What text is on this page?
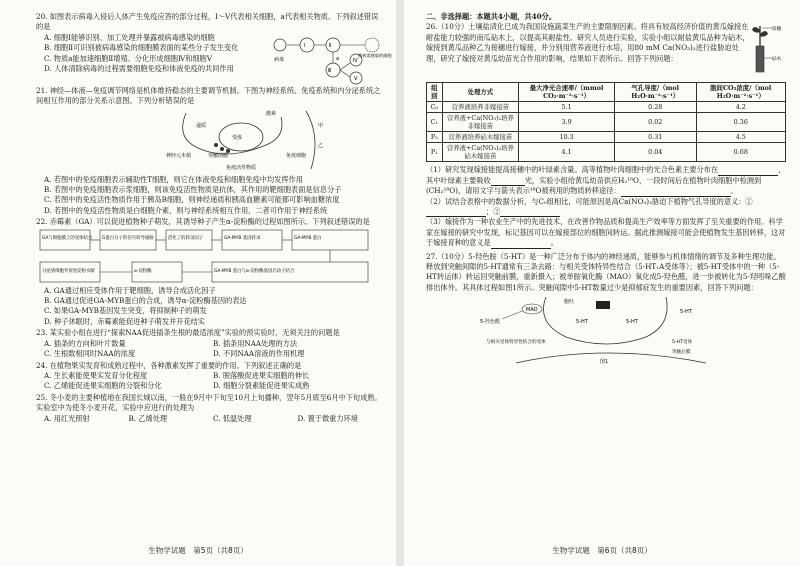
20. 如图表示病毒入侵后人体产生免疫应答的部分过程，Ⅰ～Ⅴ代表相关细胞，a代表相关物质。下列叙述错误的是
A. 细胞Ⅰ能够识别、加工处理并暴露被病毒感染的细胞
B. 细胞Ⅱ可识别被病毒感染的细胞膜表面的某些分子发生变化
C. 物质a能加速细胞Ⅱ增殖、分化形成细胞Ⅳ和细胞Ⅴ
D. 人体清除病毒的过程需要细胞免疫和体液免疫的共同作用
病毒
Ⅰ	Ⅱ
a
Ⅲ
Ⅳ
Ⅴ
被病毒感染的细胞
21. 神经—体液—免疫调节网络是机体维持稳态的主要调节机制。下图为神经系统、免疫系统和内分泌系统之间相互作用的部分关系示意图。下列分析错误的是
受体
激素
递质
神经元末梢	突触前膜	免疫细胞
免疫活性物质
甲
乙
A. 若图中的免疫细胞表示辅助性T细胞，则它在体液免疫和细胞免疫中均发挥作用
B. 若图中的免疫细胞表示浆细胞，则该免疫活性物质是抗体，其作用的靶细胞表面是信息分子
C. 若图中的免疫活性物质作用于胰岛B细胞，则神经递质和胰高血糖素可能都可影响血糖浓度
D. 若图中的免疫活性物质是白细胞介素，则与神经系统相互作用，二者可作用于神经系统
22. 赤霉素（GA）可以促进植物种子萌发，其诱导种子产生α-淀粉酶的过程如图所示。下列叙述错误的是
GA与细胞膜上的受体结合 G蛋白分子的信号转导通路	活化了的转录因子	GA-MYB 基因转录	GA-MYB 蛋白
分泌到细胞外促进淀粉水解	α-淀粉酶	GA-MYB 蛋白与α-淀粉酶基因启动子结合
A. GA通过相应受体作用于靶细胞，诱导合成活化因子
B. GA通过促进GA-MYB蛋白的合成，诱导α-淀粉酶基因的表达
C. 如果GA-MYB基因发生突变，将抑制种子的萌发
D. 种子休眠时，赤霉素能促进种子萌发并开花结实
23. 某实验小组在进行“探索NAA促进插条生根的最适浓度”实验的预实验时，无须关注的问题是
A. 插条的方向和叶片数量	B. 插条用NAA处理的方法
C. 生根数相同时NAA的浓度	D. 不同NAA溶液的作用机理
24. 在植物果实发育和成熟过程中，各种激素发挥了重要的作用。下列叙述正确的是
A. 生长素能使果实发育分化程度	B. 脱落酸促进果实细胞的伸长
C. 乙烯能促进果实细胞的分裂和分化	D. 细胞分裂素能促进果实成熟
25. 冬小麦的主要种植地在我国长城以南，一般在9月中下旬至10月上旬播种，翌年5月底至6月中下旬成熟。实验室中为使冬小麦开花，实验中应进行的处理为
A. 用红光照射	B. 乙烯处理	C. 低温处理	D. 置于微重力环境
生物学试题　第5页（共8页）
二、非选择题：本题共4小题，共40分。
26.（10分）土壤盐渍化已成为我国设施蔬菜生产的主要限制因素。将具有较高经济价值的黄瓜嫁接在耐盐能力较强的南瓜砧木上，以提高其耐盐性。研究人员进行实验，实验小组以耐盐黄瓜品种为砧木，嫁接到黄瓜品种乙为接穗进行嫁接，并分别用营养液进行水培，用80 mM Ca(NO₃)₂进行盐胁迫处理，研究了嫁接对黄瓜幼苗光合作用的影响，结果如下表所示。回答下列问题：
接穗
砧木
组别	处理方式	最大净光合速率/（mmol CO₂·m⁻²·s⁻¹）	气孔导度/（mol H₂O·m⁻²·s⁻¹）	胞间CO₂浓度/（mol H₂O·m⁻²·s⁻¹）
C₀	营养液培养非嫁接苗	5.1	0.28	4.2
C₁	营养液+Ca(NO₃)₂培养非嫁接苗	3.9	0.02	0.36
P₀	营养液培养砧木嫁接苗	10.3	0.31	4.5
P₁	营养液+Ca(NO₃)₂培养砧木嫁接苗	4.1	0.04	0.68
（1）研究发现嫁接能提高接穗中的叶绿素含量。高等植物叶肉细胞中的光合色素主要分布在	，其中叶绿素主要吸收	光，实验小组给黄瓜幼苗供应H₂¹⁸O，一段时间后在植物叶肉细胞中检测到(CH₂¹⁸O)，请用文字与箭头表示¹⁸O被利用的物质转移途径：	。
（2）试结合表格中的数据分析，与C₀组相比，可能原因是高Ca(NO₃)₂胁迫下植物气孔导度的意义：①；②
（3）嫁接作为一种农业生产中的先进技术，在改善作物品质和提高生产效率等方面发挥了至关重要的作用。科学家在嫁接的研究中发现，标记基因可以在嫁接部位的细胞间转运。据此推测嫁接可能会使植物发生基因转移，这对于嫁接育种的意义是	。
27.（10分）5-羟色胺（5-HT）是一种广泛分布于体内的神经递质，能够参与机体情绪的调节及多种生理功能。释放到突触间隙的5-HT通常有三条去路：与相关受体特异性结合（5-HT₁A受体等）；被5-HT受体中的一种（5-HT转运体）转运回突触前膜，重新摄入；被单胺氧化酶（MAO）氧化成5-羟色醛，进一步被转化为5-羟吲哚乙酸排出体外。其具体过程如图1所示。突触间隙中5-HT数量过少是抑郁症发生的重要因素，回答下列问题：
胞吐
MAO
5-羟色醛	5-HT	5-HT
5-HT
与相关受体特异性结合的受体	5-HT受体
突触后膜
图1
生物学试题　第6页（共8页）
